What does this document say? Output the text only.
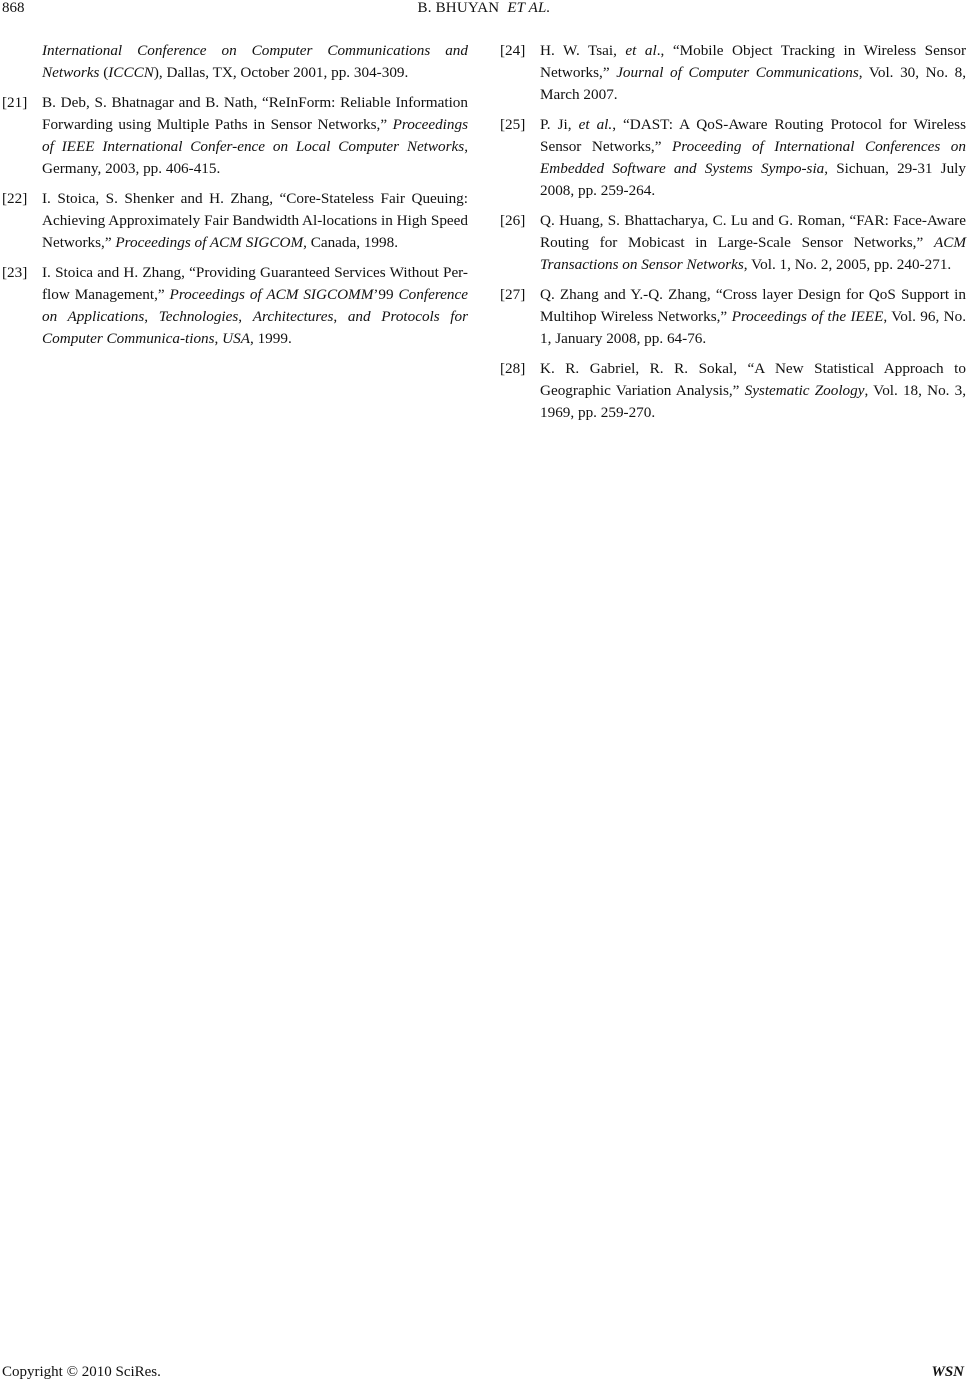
868	B. BHUYAN ET AL.
International Conference on Computer Communications and Networks (ICCCN), Dallas, TX, October 2001, pp. 304-309.
[21] B. Deb, S. Bhatnagar and B. Nath, “ReInForm: Reliable Information Forwarding using Multiple Paths in Sensor Networks,” Proceedings of IEEE International Confer-ence on Local Computer Networks, Germany, 2003, pp. 406-415.
[22] I. Stoica, S. Shenker and H. Zhang, “Core-Stateless Fair Queuing: Achieving Approximately Fair Bandwidth Al-locations in High Speed Networks,” Proceedings of ACM SIGCOM, Canada, 1998.
[23] I. Stoica and H. Zhang, “Providing Guaranteed Services Without Per-flow Management,” Proceedings of ACM SIGCOMM’99 Conference on Applications, Technologies, Architectures, and Protocols for Computer Communica-tions, USA, 1999.
[24] H. W. Tsai, et al., “Mobile Object Tracking in Wireless Sensor Networks,” Journal of Computer Communications, Vol. 30, No. 8, March 2007.
[25] P. Ji, et al., “DAST: A QoS-Aware Routing Protocol for Wireless Sensor Networks,” Proceeding of International Conferences on Embedded Software and Systems Sympo-sia, Sichuan, 29-31 July 2008, pp. 259-264.
[26] Q. Huang, S. Bhattacharya, C. Lu and G. Roman, “FAR: Face-Aware Routing for Mobicast in Large-Scale Sensor Networks,” ACM Transactions on Sensor Networks, Vol. 1, No. 2, 2005, pp. 240-271.
[27] Q. Zhang and Y.-Q. Zhang, “Cross layer Design for QoS Support in Multihop Wireless Networks,” Proceedings of the IEEE, Vol. 96, No. 1, January 2008, pp. 64-76.
[28] K. R. Gabriel, R. R. Sokal, “A New Statistical Approach to Geographic Variation Analysis,” Systematic Zoology, Vol. 18, No. 3, 1969, pp. 259-270.
Copyright © 2010 SciRes.	WSN
